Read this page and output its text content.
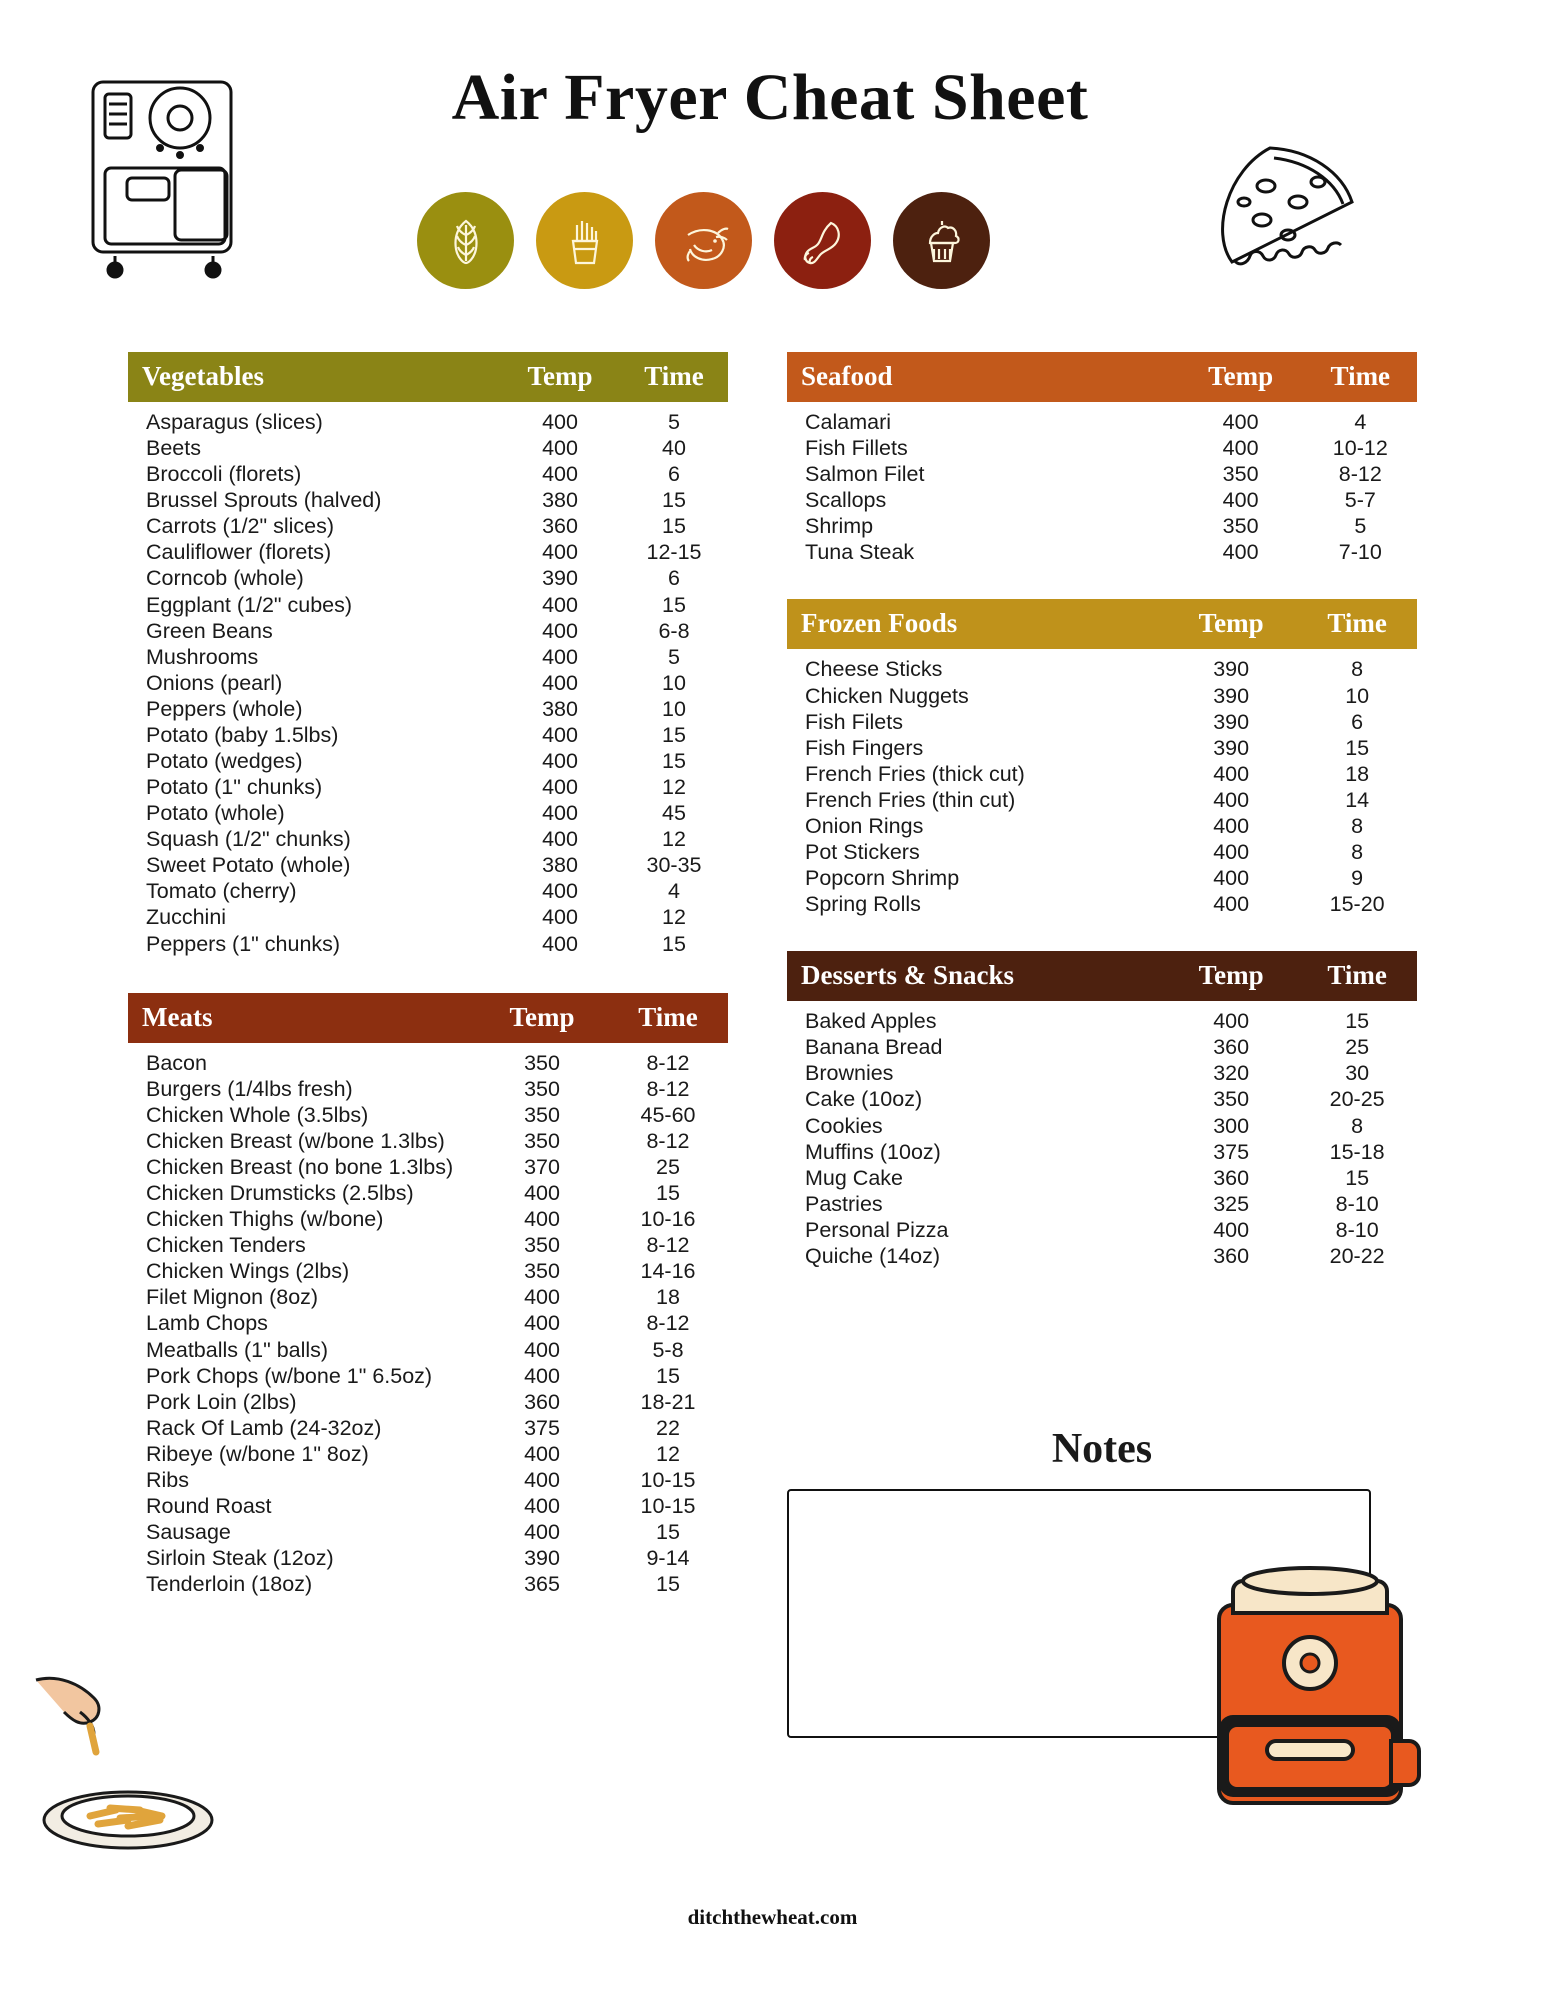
Air Fryer Cheat Sheet
Vegetables	Temp	Time
Asparagus (slices)	400	5
Beets	400	40
Broccoli (florets)	400	6
Brussel Sprouts (halved)	380	15
Carrots (1/2" slices)	360	15
Cauliflower (florets)	400	12-15
Corncob (whole)	390	6
Eggplant (1/2" cubes)	400	15
Green Beans	400	6-8
Mushrooms	400	5
Onions (pearl)	400	10
Peppers (whole)	380	10
Potato (baby 1.5lbs)	400	15
Potato (wedges)	400	15
Potato (1" chunks)	400	12
Potato (whole)	400	45
Squash (1/2" chunks)	400	12
Sweet Potato (whole)	380	30-35
Tomato (cherry)	400	4
Zucchini	400	12
Peppers (1" chunks)	400	15
Meats	Temp	Time
Bacon	350	8-12
Burgers (1/4lbs fresh)	350	8-12
Chicken Whole (3.5lbs)	350	45-60
Chicken Breast (w/bone 1.3lbs)	350	8-12
Chicken Breast (no bone 1.3lbs)	370	25
Chicken Drumsticks (2.5lbs)	400	15
Chicken Thighs (w/bone)	400	10-16
Chicken Tenders	350	8-12
Chicken Wings (2lbs)	350	14-16
Filet Mignon (8oz)	400	18
Lamb Chops	400	8-12
Meatballs (1" balls)	400	5-8
Pork Chops (w/bone 1" 6.5oz)	400	15
Pork Loin (2lbs)	360	18-21
Rack Of Lamb (24-32oz)	375	22
Ribeye (w/bone 1" 8oz)	400	12
Ribs	400	10-15
Round Roast	400	10-15
Sausage	400	15
Sirloin Steak (12oz)	390	9-14
Tenderloin (18oz)	365	15
Seafood	Temp	Time
Calamari	400	4
Fish Fillets	400	10-12
Salmon Filet	350	8-12
Scallops	400	5-7
Shrimp	350	5
Tuna Steak	400	7-10
Frozen Foods	Temp	Time
Cheese Sticks	390	8
Chicken Nuggets	390	10
Fish Filets	390	6
Fish Fingers	390	15
French Fries (thick cut)	400	18
French Fries (thin cut)	400	14
Onion Rings	400	8
Pot Stickers	400	8
Popcorn Shrimp	400	9
Spring Rolls	400	15-20
Desserts & Snacks	Temp	Time
Baked Apples	400	15
Banana Bread	360	25
Brownies	320	30
Cake (10oz)	350	20-25
Cookies	300	8
Muffins (10oz)	375	15-18
Mug Cake	360	15
Pastries	325	8-10
Personal Pizza	400	8-10
Quiche (14oz)	360	20-22
Notes
ditchthewheat.com
